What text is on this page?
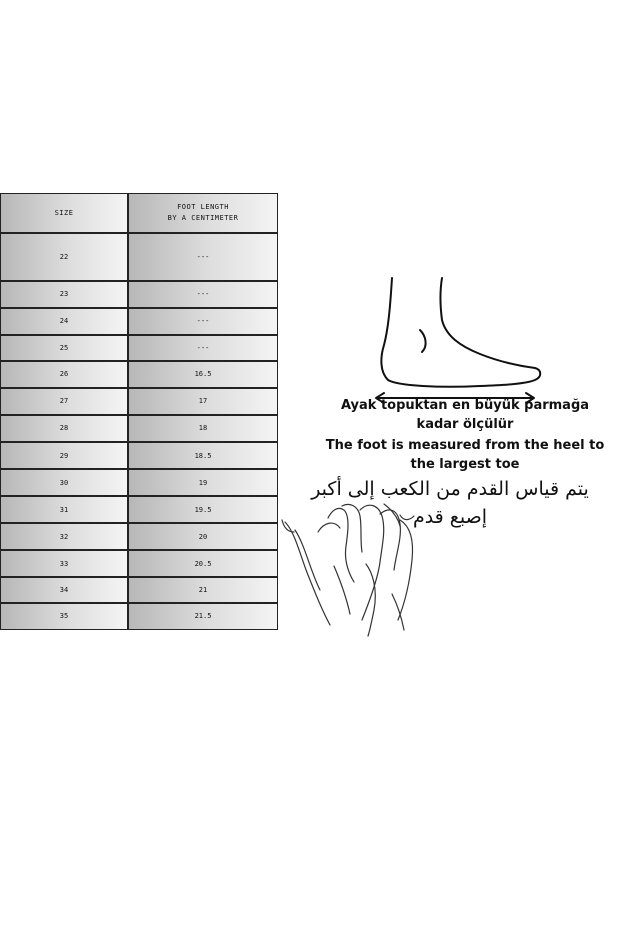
SIZE	FOOT LENGTH
BY A CENTIMETER

22	---
23	---
24	---
25	---
26	16.5
27	17
28	18
29	18.5
30	19
31	19.5
32	20
33	20.5
34	21
35	21.5
Ayak topuktan en büyük parmağa
kadar ölçülür
The foot is measured from the heel to
the largest toe
يتم قياس القدم من الكعب إلى أكبر
إصبع قدم
